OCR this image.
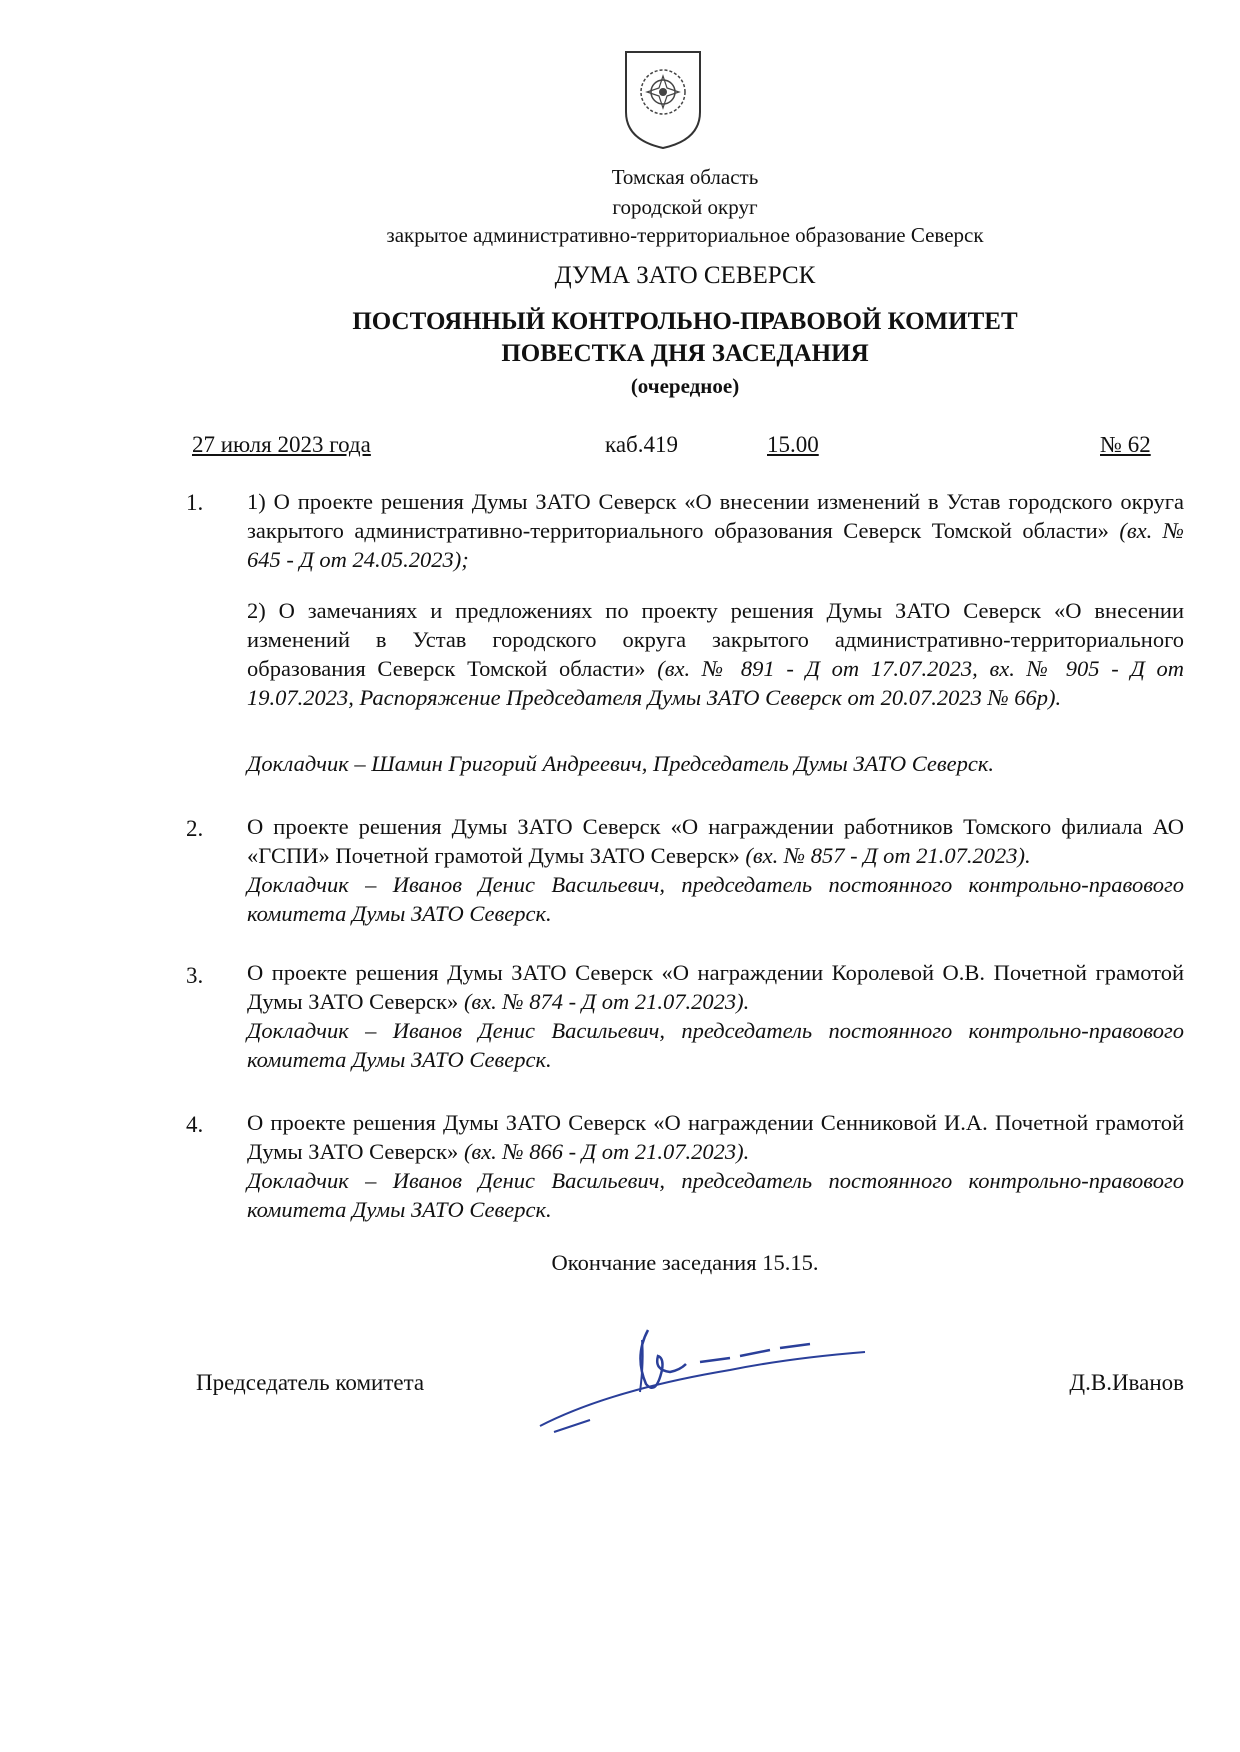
Томская область
городской округ
закрытое административно-территориальное образование Северск
ДУМА ЗАТО СЕВЕРСК
ПОСТОЯННЫЙ КОНТРОЛЬНО-ПРАВОВОЙ КОМИТЕТ
ПОВЕСТКА ДНЯ ЗАСЕДАНИЯ
(очередное)
27 июля 2023 года	каб.419	15.00	№ 62
1. 1) О проекте решения Думы ЗАТО Северск «О внесении изменений в Устав городского округа закрытого административно-территориального образования Северск Томской области» (вх. № 645 - Д от 24.05.2023);
2) О замечаниях и предложениях по проекту решения Думы ЗАТО Северск «О внесении изменений в Устав городского округа закрытого административно-территориального образования Северск Томской области» (вх. № 891 - Д от 17.07.2023, вх. № 905 - Д от 19.07.2023, Распоряжение Председателя Думы ЗАТО Северск от 20.07.2023 № 66р).
Докладчик – Шамин Григорий Андреевич, Председатель Думы ЗАТО Северск.
2. О проекте решения Думы ЗАТО Северск «О награждении работников Томского филиала АО «ГСПИ» Почетной грамотой Думы ЗАТО Северск» (вх. № 857 - Д от 21.07.2023).
Докладчик – Иванов Денис Васильевич, председатель постоянного контрольно-правового комитета Думы ЗАТО Северск.
3. О проекте решения Думы ЗАТО Северск «О награждении Королевой О.В. Почетной грамотой Думы ЗАТО Северск» (вх. № 874 - Д от 21.07.2023).
Докладчик – Иванов Денис Васильевич, председатель постоянного контрольно-правового комитета Думы ЗАТО Северск.
4. О проекте решения Думы ЗАТО Северск «О награждении Сенниковой И.А. Почетной грамотой Думы ЗАТО Северск» (вх. № 866 - Д от 21.07.2023).
Докладчик – Иванов Денис Васильевич, председатель постоянного контрольно-правового комитета Думы ЗАТО Северск.
Окончание заседания 15.15.
Председатель комитета	Д.В.Иванов
